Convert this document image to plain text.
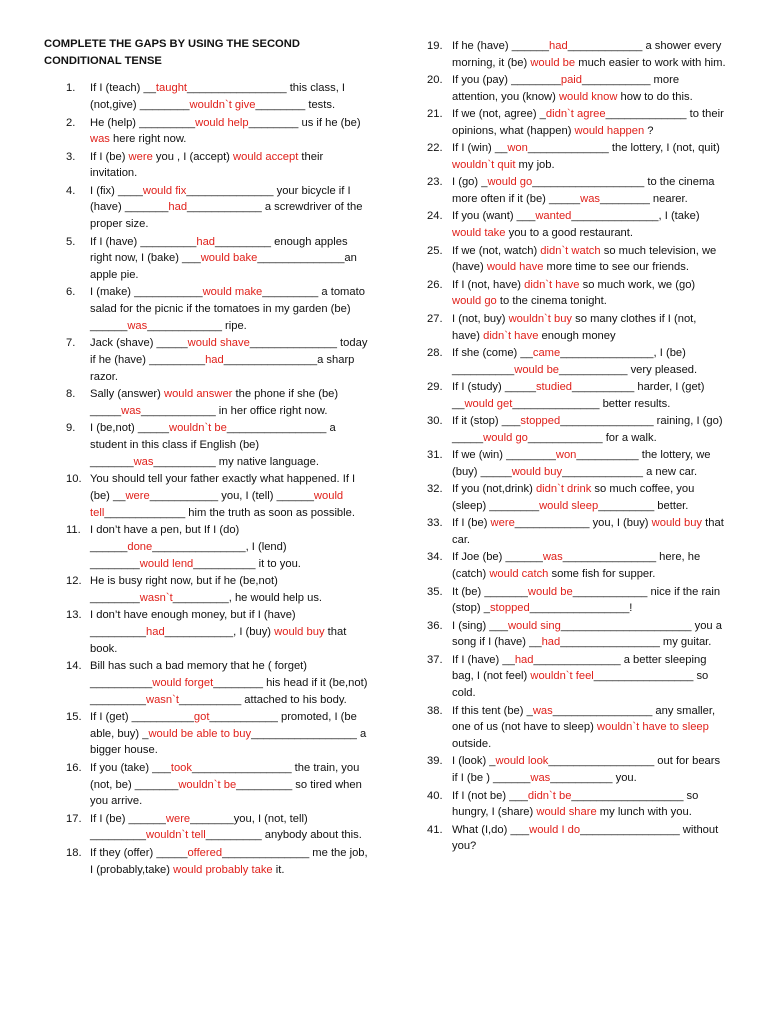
COMPLETE THE GAPS BY USING THE SECOND CONDITIONAL TENSE
1. If I (teach) __taught________________ this class, I (not,give) ________wouldn`t give________ tests.
2. He (help) _________would help________ us if he (be) was here right now.
3. If I (be) were you , I (accept) would accept their invitation.
4. I (fix) ____would fix______________ your bicycle if I (have) _______had____________ a screwdriver of the proper size.
5. If I (have) _________had_________ enough apples right now, I (bake) ___would bake______________an apple pie.
6. I (make) ___________would make_________ a tomato salad for the picnic if the tomatoes in my garden (be) ______was____________ ripe.
7. Jack (shave) _____would shave______________ today if he (have) _________had_______________a sharp razor.
8. Sally (answer) would answer the phone if she (be) _____was____________ in her office right now.
9. I (be,not) _____wouldn`t be________________ a student in this class if English (be) _______was__________ my native language.
10. You should tell your father exactly what happened. If I (be) __were___________ you, I (tell) ______would tell_____________ him the truth as soon as possible.
11. I don’t have a pen, but If I (do) ______done_______________, I (lend) ________would lend__________ it to you.
12. He is busy right now, but if he (be,not) ________wasn`t_________, he would help us.
13. I don’t have enough money, but if I (have) _________had___________, I (buy) would buy that book.
14. Bill has such a bad memory that he ( forget) __________would forget________ his head if it (be,not) _________wasn`t__________ attached to his body.
15. If I (get) __________got___________ promoted, I (be able, buy) _would be able to buy_________________ a bigger house.
16. If you (take) ___took________________ the train, you (not, be) _______wouldn`t be_________ so tired when you arrive.
17. If I (be) ______were_______you, I (not, tell) _________wouldn`t tell_________ anybody about this.
18. If they (offer) _____offered______________ me the job, I (probably,take) would probably take it.
19. If he (have) ______had____________ a shower every morning, it (be) would be much easier to work with him.
20. If you (pay) ________paid___________ more attention, you (know) would know how to do this.
21. If we (not, agree) _didn`t agree_____________ to their opinions, what (happen) would happen ?
22. If I (win) __won_____________ the lottery, I (not, quit) wouldn`t quit my job.
23. I (go) _would go__________________ to the cinema more often if it (be) _____was________ nearer.
24. If you (want) ___wanted______________, I (take) would take you to a good restaurant.
25. If we (not, watch) didn`t watch so much television, we (have) would have more time to see our friends.
26. If I (not, have) didn`t have so much work, we (go) would go to the cinema tonight.
27. I (not, buy) wouldn`t buy so many clothes if I (not, have) didn`t have enough money
28. If she (come) __came_______________, I (be) __________would be___________ very pleased.
29. If I (study) _____studied__________ harder, I (get) __would get______________ better results.
30. If it (stop) ___stopped_______________ raining, I (go) _____would go____________ for a walk.
31. If we (win) ________won__________ the lottery, we (buy) _____would buy_____________ a new car.
32. If you (not,drink) didn`t drink so much coffee, you (sleep) ________would sleep_________ better.
33. If I (be) were____________ you, I (buy) would buy that car.
34. If Joe (be) ______was_______________ here, he (catch) would catch some fish for supper.
35. It (be) _______would be____________ nice if the rain (stop) _stopped________________!
36. I (sing) ___would sing_____________________ you a song if I (have) __had________________ my guitar.
37. If I (have) __had______________ a better sleeping bag, I (not feel) wouldn`t feel________________ so cold.
38. If this tent (be) _was________________ any smaller, one of us (not have to sleep) wouldn`t have to sleep outside.
39. I (look) _would look_________________ out for bears if I (be ) ______was__________ you.
40. If I (not be) ___didn`t be__________________ so hungry, I (share) would share my lunch with you.
41. What (I,do) ___would I do________________ without you?
